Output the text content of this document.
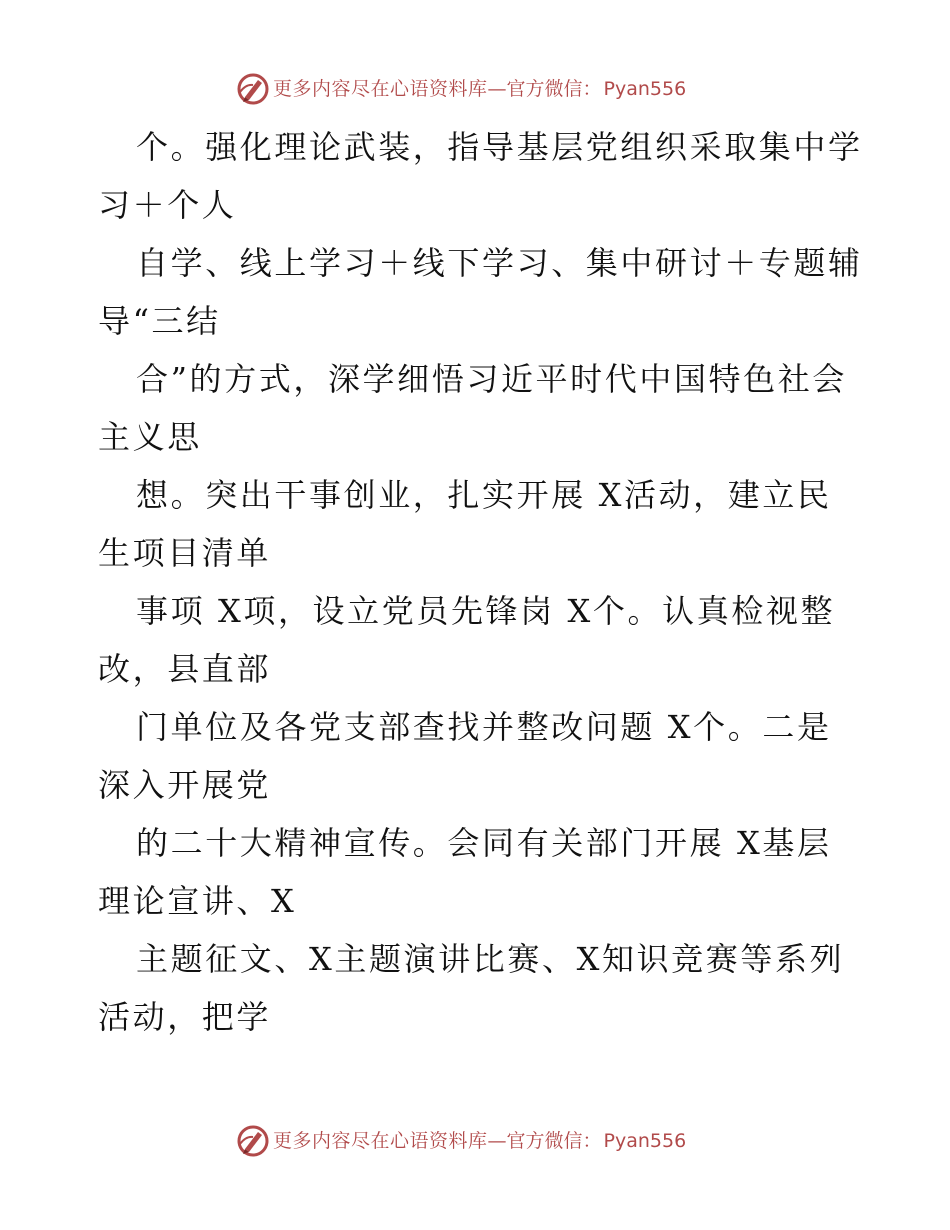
更多内容尽在心语资料库 —官方微信： Pyan556
个。强化理论武装，指导基层党组织采取集中学
习＋个人
自学、线上学习＋线下学习、集中研讨＋专题辅
导“三结
合”的方式，深学细悟习近平时代中国特色社会
主义思
想。突出干事创业，扎实开展 X活动，建立民
生项目清单
事项 X项，设立党员先锋岗 X个。认真检视整
改，县直部
门单位及各党支部查找并整改问题 X个。二是
深入开展党
的二十大精神宣传。会同有关部门开展 X基层
理论宣讲、X
主题征文、X主题演讲比赛、X知识竞赛等系列
活动，把学
更多内容尽在心语资料库 —官方微信： Pyan556
